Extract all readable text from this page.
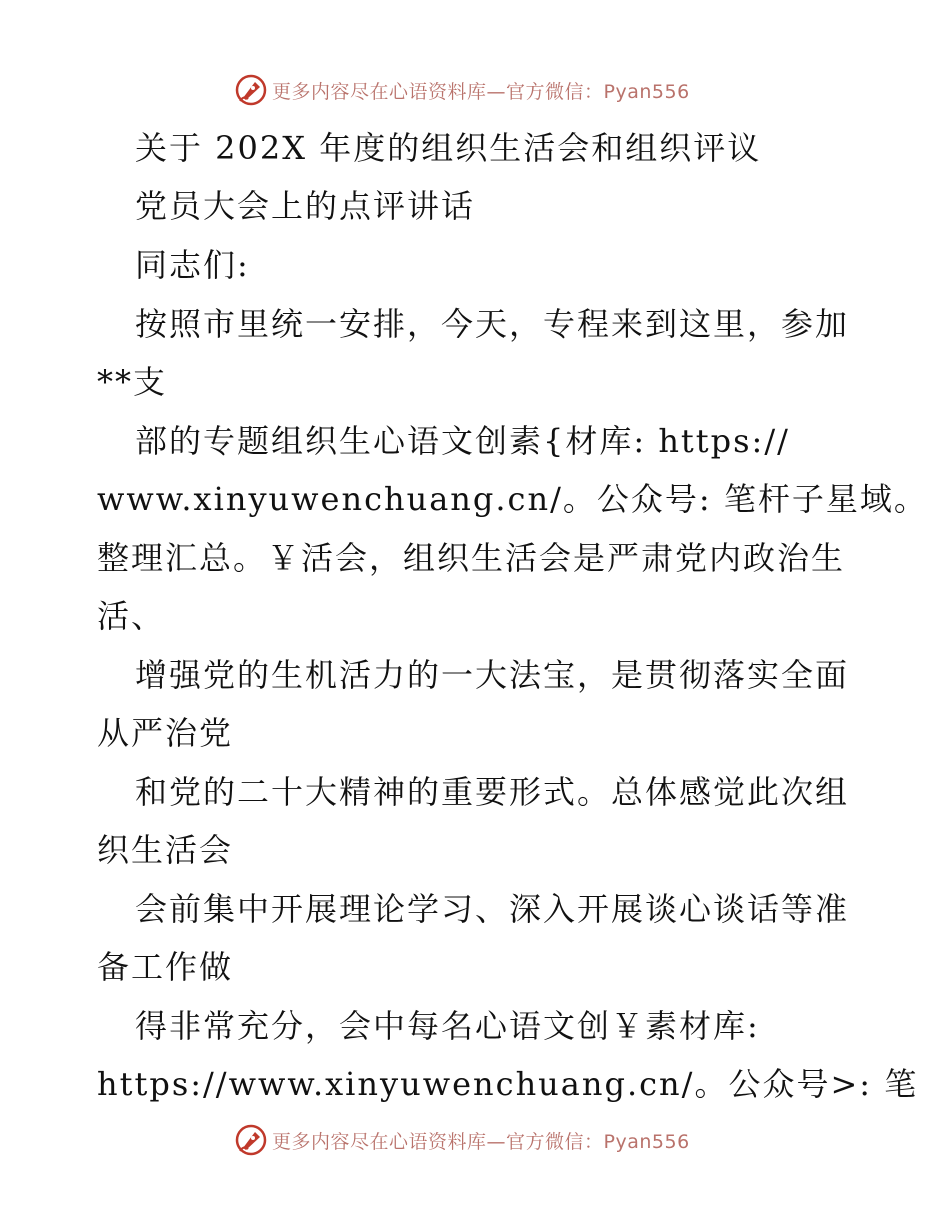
更多内容尽在心语资料库—官方微信：Pyan556
关于 202X 年度的组织生活会和组织评议
党员大会上的点评讲话
同志们:
按照市里统一安排，今天，专程来到这里，参加
**支
部的专题组织生心语文创素{材库: https://
www.xinyuwenchuang.cn/。公众号: 笔杆子星域。
整理汇总。￥活会，组织生活会是严肃党内政治生
活、
增强党的生机活力的一大法宝，是贯彻落实全面
从严治党
和党的二十大精神的重要形式。总体感觉此次组
织生活会
会前集中开展理论学习、深入开展谈心谈话等准
备工作做
得非常充分，会中每名心语文创￥素材库:
https://www.xinyuwenchuang.cn/。公众号>: 笔
更多内容尽在心语资料库—官方微信：Pyan556
